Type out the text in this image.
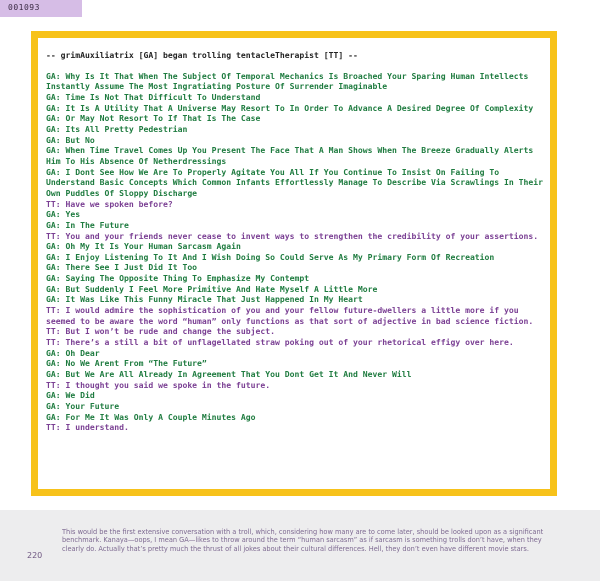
001093
-- grimAuxiliatrix [GA] began trolling tentacleTherapist [TT] --
GA: Why Is It That When The Subject Of Temporal Mechanics Is Broached Your Sparing Human Intellects Instantly Assume The Most Ingratiating Posture Of Surrender Imaginable
GA: Time Is Not That Difficult To Understand
GA: It Is A Utility That A Universe May Resort To In Order To Advance A Desired Degree Of Complexity
GA: Or May Not Resort To If That Is The Case
GA: Its All Pretty Pedestrian
GA: But No
GA: When Time Travel Comes Up You Present The Face That A Man Shows When The Breeze Gradually Alerts Him To His Absence Of Netherdressings
GA: I Dont See How We Are To Properly Agitate You All If You Continue To Insist On Failing To Understand Basic Concepts Which Common Infants Effortlessly Manage To Describe Via Scrawlings In Their Own Puddles Of Sloppy Discharge
TT: Have we spoken before?
GA: Yes
GA: In The Future
TT: You and your friends never cease to invent ways to strengthen the credibility of your assertions.
GA: Oh My It Is Your Human Sarcasm Again
GA: I Enjoy Listening To It And I Wish Doing So Could Serve As My Primary Form Of Recreation
GA: There See I Just Did It Too
GA: Saying The Opposite Thing To Emphasize My Contempt
GA: But Suddenly I Feel More Primitive And Hate Myself A Little More
GA: It Was Like This Funny Miracle That Just Happened In My Heart
TT: I would admire the sophistication of you and your fellow future-dwellers a little more if you seemed to be aware the word “human” only functions as that sort of adjective in bad science fiction.
TT: But I won’t be rude and change the subject.
TT: There’s a still a bit of unflagellated straw poking out of your rhetorical effigy over here.
GA: Oh Dear
GA: No We Arent From “The Future”
GA: But We Are All Already In Agreement That You Dont Get It And Never Will
TT: I thought you said we spoke in the future.
GA: We Did
GA: Your Future
GA: For Me It Was Only A Couple Minutes Ago
TT: I understand.
220
This would be the first extensive conversation with a troll, which, considering how many are to come later, should be looked upon as a significant benchmark. Kanaya—oops, I mean GA—likes to throw around the term “human sarcasm” as if sarcasm is something trolls don’t have, when they clearly do. Actually that’s pretty much the thrust of all jokes about their cultural differences. Hell, they don’t even have different movie stars.
